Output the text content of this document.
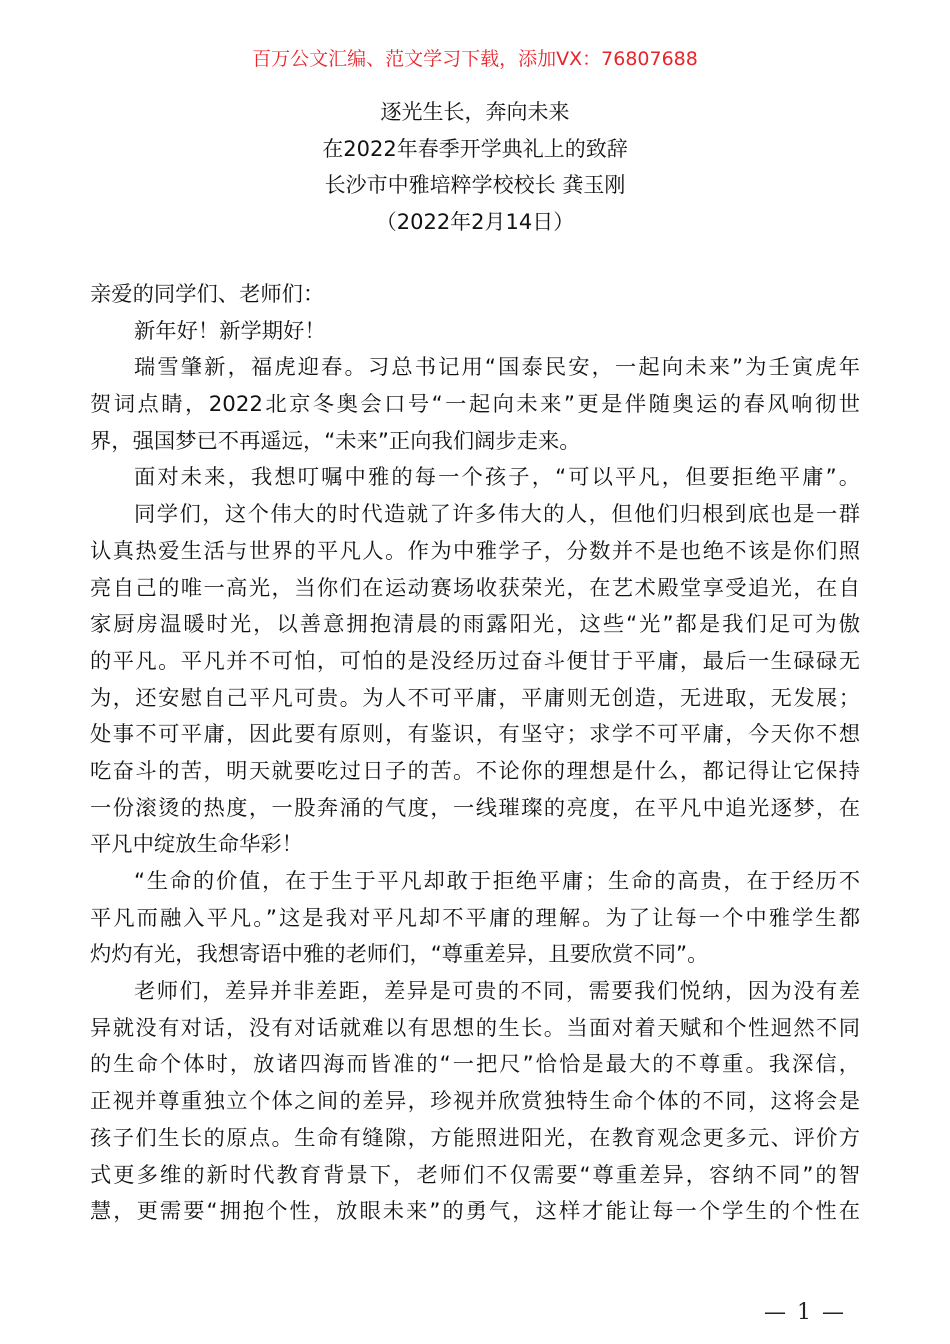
百万公文汇编、范文学习下载，添加VX：76807688
逐光生长，奔向未来
在2022年春季开学典礼上的致辞
长沙市中雅培粹学校校长 龚玉刚
（2022年2月14日）
亲爱的同学们、老师们：
新年好！新学期好！
瑞雪肇新，福虎迎春。习总书记用“国泰民安，一起向未来”为壬寅虎年
贺词点睛，2022北京冬奥会口号“一起向未来”更是伴随奥运的春风响彻世
界，强国梦已不再遥远，“未来”正向我们阔步走来。
面对未来，我想叮嘱中雅的每一个孩子，“可以平凡，但要拒绝平庸”。
同学们，这个伟大的时代造就了许多伟大的人，但他们归根到底也是一群
认真热爱生活与世界的平凡人。作为中雅学子，分数并不是也绝不该是你们照
亮自己的唯一高光，当你们在运动赛场收获荣光，在艺术殿堂享受追光，在自
家厨房温暖时光，以善意拥抱清晨的雨露阳光，这些“光”都是我们足可为傲
的平凡。平凡并不可怕，可怕的是没经历过奋斗便甘于平庸，最后一生碌碌无
为，还安慰自己平凡可贵。为人不可平庸，平庸则无创造，无进取，无发展；
处事不可平庸，因此要有原则，有鉴识，有坚守；求学不可平庸，今天你不想
吃奋斗的苦，明天就要吃过日子的苦。不论你的理想是什么，都记得让它保持
一份滚烫的热度，一股奔涌的气度，一线璀璨的亮度，在平凡中追光逐梦，在
平凡中绽放生命华彩！
“生命的价值，在于生于平凡却敢于拒绝平庸；生命的高贵，在于经历不
平凡而融入平凡。”这是我对平凡却不平庸的理解。为了让每一个中雅学生都
灼灼有光，我想寄语中雅的老师们，“尊重差异，且要欣赏不同”。
老师们，差异并非差距，差异是可贵的不同，需要我们悦纳，因为没有差
异就没有对话，没有对话就难以有思想的生长。当面对着天赋和个性迥然不同
的生命个体时，放诸四海而皆准的“一把尺”恰恰是最大的不尊重。我深信，
正视并尊重独立个体之间的差异，珍视并欣赏独特生命个体的不同，这将会是
孩子们生长的原点。生命有缝隙，方能照进阳光，在教育观念更多元、评价方
式更多维的新时代教育背景下，老师们不仅需要“尊重差异，容纳不同”的智
慧，更需要“拥抱个性，放眼未来”的勇气，这样才能让每一个学生的个性在
— 1 —
